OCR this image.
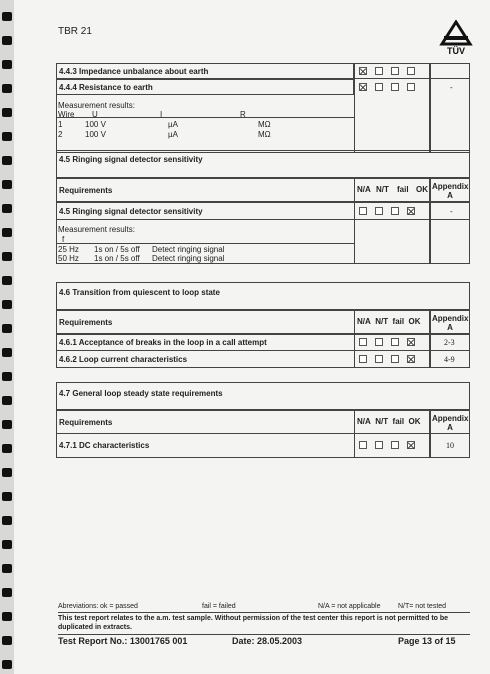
TBR 21
TÜV
4.4.3 Impedance unbalance about earth
4.4.4 Resistance to earth	-
Measurement results:
Wire U	I	R
1	100 V	µA	MΩ
2	100 V	µA	MΩ
4.5 Ringing signal detector sensitivity
Requirements	N/A N/T fail OK Appendix A
4.5 Ringing signal detector sensitivity	-
Measurement results:
f
25 Hz 1s on / 5s off Detect ringing signal
50 Hz 1s on / 5s off Detect ringing signal
4.6 Transition from quiescent to loop state
Requirements	N/A  N/T  fail  OK Appendix A
4.6.1 Acceptance of breaks in the loop in a call attempt	2-3
4.6.2 Loop current characteristics	4-9
4.7 General loop steady state requirements
Requirements	N/A  N/T  fail  OK Appendix A
4.7.1 DC characteristics	10
Abreviations: ok = passed	fail = failed	N/A = not applicable	N/T= not tested
This test report relates to the a.m. test sample. Without permission of the test center this report is not permitted to be duplicated in extracts.
Test Report No.: 13001765 001	Date: 28.05.2003	Page 13 of 15
